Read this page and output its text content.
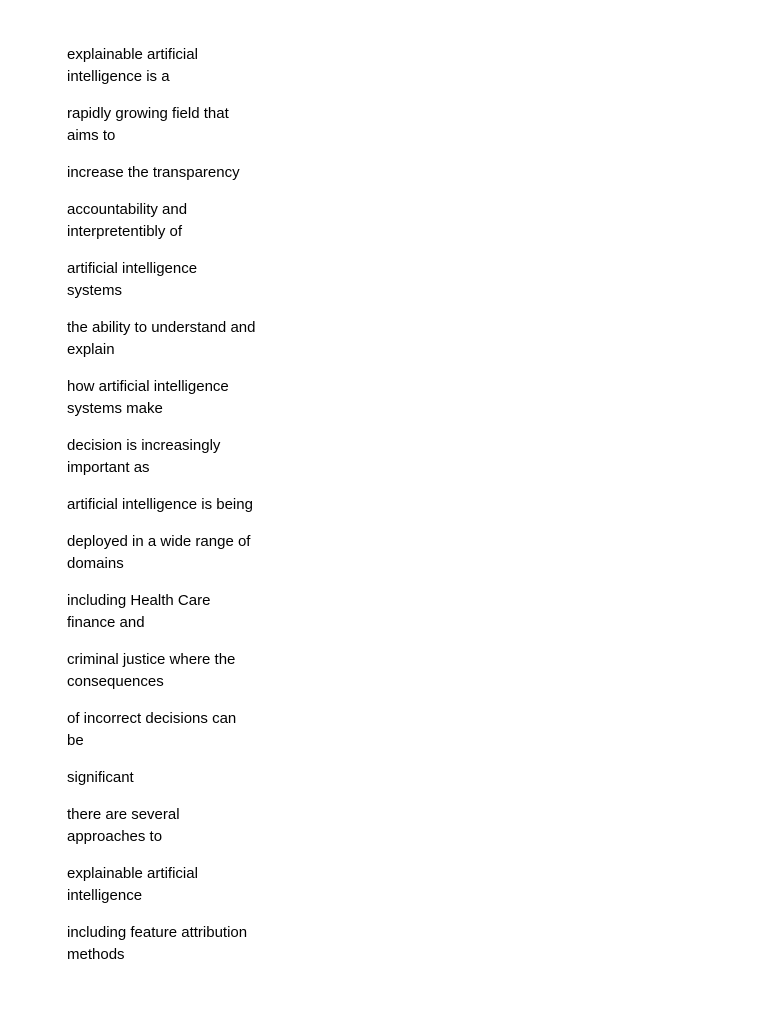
explainable artificial
intelligence is a

rapidly growing field that
aims to

increase the transparency

accountability and
interpretentibly of

artificial intelligence
systems

the ability to understand and
explain

how artificial intelligence
systems make

decision is increasingly
important as

artificial intelligence is being

deployed in a wide range of
domains

including Health Care
finance and

criminal justice where the
consequences

of incorrect decisions can
be

significant

there are several
approaches to

explainable artificial
intelligence

including feature attribution
methods
